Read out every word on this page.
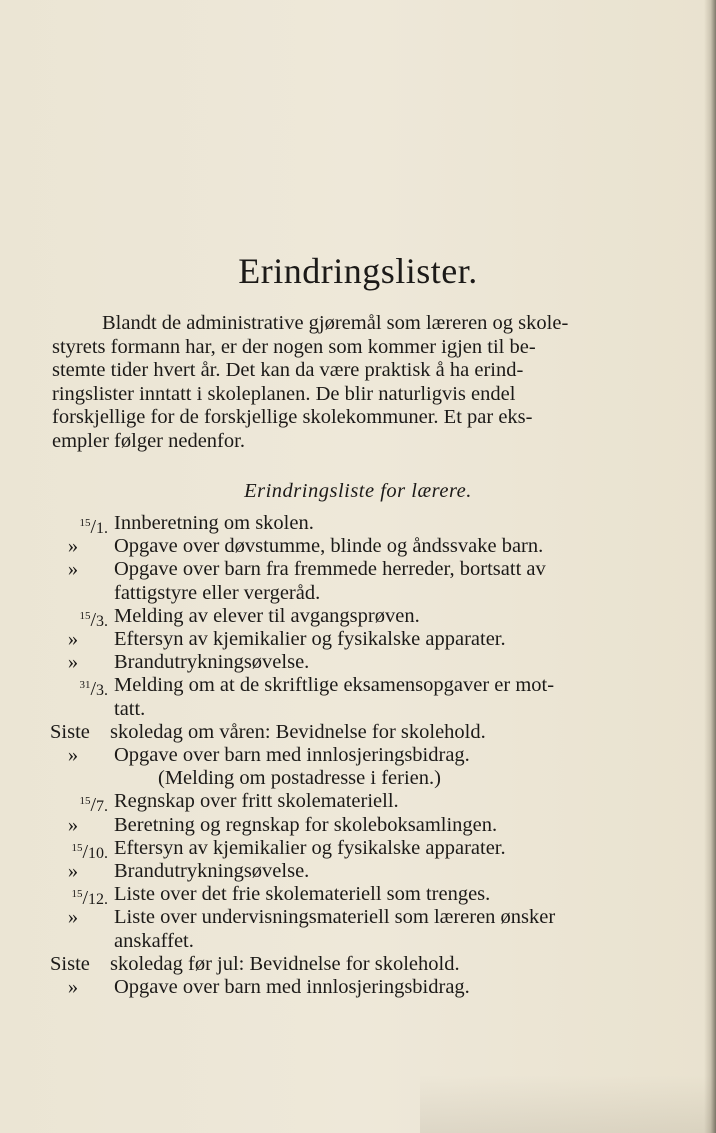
Erindringslister.
Blandt de administrative gjøremål som læreren og skole-
styrets formann har, er der nogen som kommer igjen til be-
stemte tider hvert år. Det kan da være praktisk å ha erind-
ringslister inntatt i skoleplanen. De blir naturligvis endel
forskjellige for de forskjellige skolekommuner. Et par eks-
empler følger nedenfor.
Erindringsliste for lærere.
$^{15}$/1. Innberetning om skolen.
»	Opgave over døvstumme, blinde og åndssvake barn.
»	Opgave over barn fra fremmede herreder, bortsatt av
fattigstyre eller vergeråd.
$^{15}$/3. Melding av elever til avgangsprøven.
»	Eftersyn av kjemikalier og fysikalske apparater.
»	Brandutrykningsøvelse.
$^{31}$/3. Melding om at de skriftlige eksamensopgaver er mot-
tatt.
Siste skoledag om våren: Bevidnelse for skolehold.
»	Opgave over barn med innlosjeringsbidrag.
(Melding om postadresse i ferien.)
$^{15}$/7. Regnskap over fritt skolemateriell.
»	Beretning og regnskap for skoleboksamlingen.
$^{15}$/10. Eftersyn av kjemikalier og fysikalske apparater.
»	Brandutrykningsøvelse.
$^{15}$/12. Liste over det frie skolemateriell som trenges.
»	Liste over undervisningsmateriell som læreren ønsker
anskaffet.
Siste skoledag før jul: Bevidnelse for skolehold.
»	Opgave over barn med innlosjeringsbidrag.
